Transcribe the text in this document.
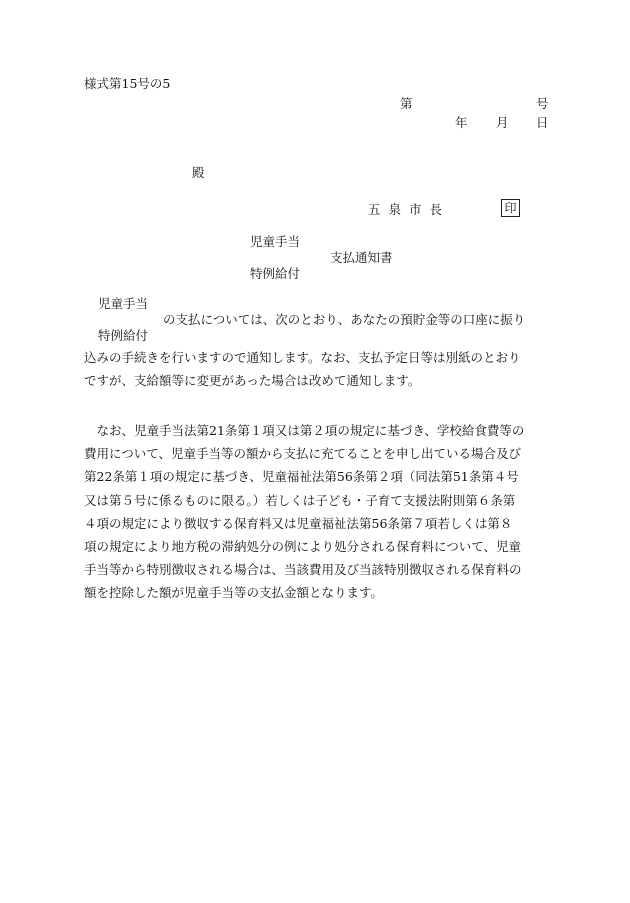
様式第15号の5
第	号
年 月 日
殿
五泉市長	印
児童手当
支払通知書
特例給付
児童手当
の支払については、次のとおり、あなたの預貯金等の口座に振り
特例給付
込みの手続きを行いますので通知します。なお、支払予定日等は別紙のとおり
ですが、支給額等に変更があった場合は改めて通知します。
　なお、児童手当法第21条第１項又は第２項の規定に基づき、学校給食費等の
費用について、児童手当等の額から支払に充てることを申し出ている場合及び
第22条第１項の規定に基づき、児童福祉法第56条第２項（同法第51条第４号
又は第５号に係るものに限る。）若しくは子ども・子育て支援法附則第６条第
４項の規定により徴収する保育料又は児童福祉法第56条第７項若しくは第８
項の規定により地方税の滞納処分の例により処分される保育料について、児童
手当等から特別徴収される場合は、当該費用及び当該特別徴収される保育料の
額を控除した額が児童手当等の支払金額となります。
